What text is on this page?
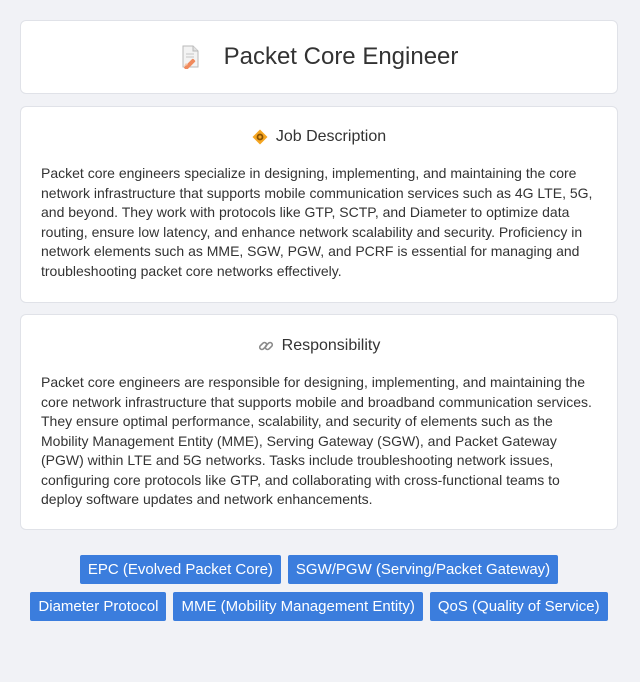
Packet Core Engineer
Job Description
Packet core engineers specialize in designing, implementing, and maintaining the core network infrastructure that supports mobile communication services such as 4G LTE, 5G, and beyond. They work with protocols like GTP, SCTP, and Diameter to optimize data routing, ensure low latency, and enhance network scalability and security. Proficiency in network elements such as MME, SGW, PGW, and PCRF is essential for managing and troubleshooting packet core networks effectively.
Responsibility
Packet core engineers are responsible for designing, implementing, and maintaining the core network infrastructure that supports mobile and broadband communication services. They ensure optimal performance, scalability, and security of elements such as the Mobility Management Entity (MME), Serving Gateway (SGW), and Packet Gateway (PGW) within LTE and 5G networks. Tasks include troubleshooting network issues, configuring core protocols like GTP, and collaborating with cross-functional teams to deploy software updates and network enhancements.
EPC (Evolved Packet Core)	SGW/PGW (Serving/Packet Gateway)
Diameter Protocol	MME (Mobility Management Entity)	QoS (Quality of Service)
